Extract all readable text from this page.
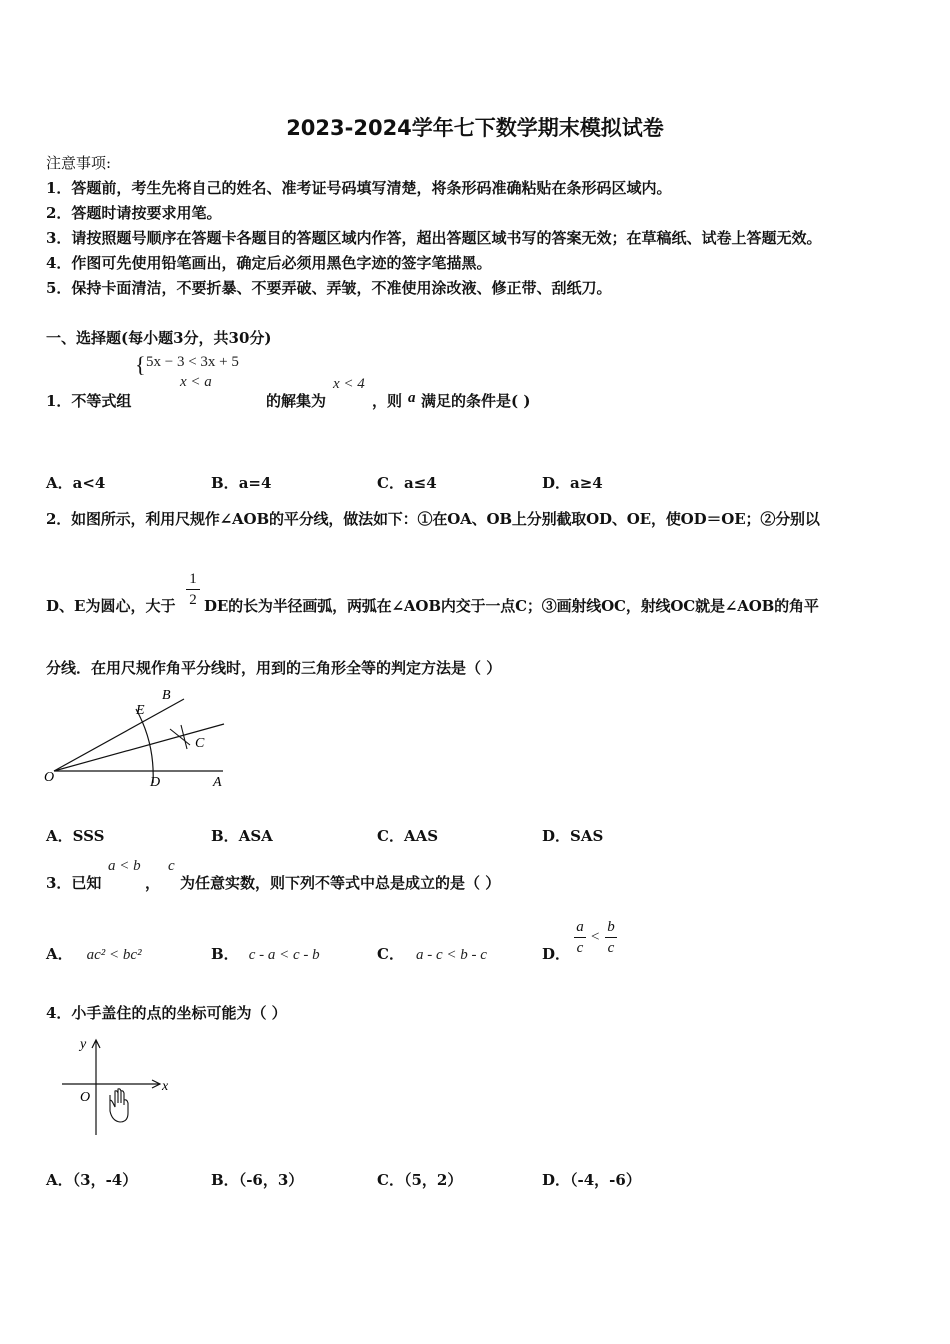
2023-2024学年七下数学期末模拟试卷
注意事项:
1．答题前，考生先将自己的姓名、准考证号码填写清楚，将条形码准确粘贴在条形码区域内。
2．答题时请按要求用笔。
3．请按照题号顺序在答题卡各题目的答题区域内作答，超出答题区域书写的答案无效；在草稿纸、试卷上答题无效。
4．作图可先使用铅笔画出，确定后必须用黑色字迹的签字笔描黑。
5．保持卡面清洁，不要折暴、不要弄破、弄皱，不准使用涂改液、修正带、刮纸刀。
一、选择题(每小题3分，共30分)
{ 5x − 3 < 3x + 5
x < a
1．不等式组	的解集为
x < 4
，则 a 满足的条件是( )
A．a<4	B．a=4	C．a≤4	D．a≥4
2．如图所示，利用尺规作∠AOB的平分线，做法如下：①在OA、OB上分别截取OD、OE，使OD＝OE；②分别以
D、E为圆心，大于
1
2 DE的长为半径画弧，两弧在∠AOB内交于一点C；③画射线OC，射线OC就是∠AOB的角平
分线．在用尺规作角平分线时，用到的三角形全等的判定方法是（ ）
O	A
B
C
D
E
A．SSS	B．ASA	C．AAS	D．SAS
3．已知
a < b
，
c
为任意实数，则下列不等式中总是成立的是（ ）
A． ac² < bc²	B． c - a < c - b	C． a - c < b - c	D．
a
c
<
b
c
4．小手盖住的点的坐标可能为（ ）
y
x
O
A．（3，-4）	B．（-6，3）	C．（5，2）	D．（-4，-6）
